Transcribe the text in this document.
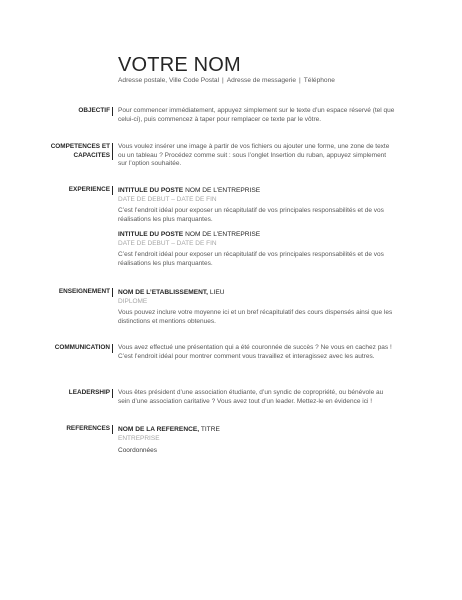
VOTRE NOM
Adresse postale, Ville Code Postal | Adresse de messagerie | Téléphone
OBJECTIF Pour commencer immédiatement, appuyez simplement sur le texte d’un espace réservé (tel que celui-ci), puis commencez à taper pour remplacer ce texte par le vôtre.

COMPETENCES ET
CAPACITES

Vous voulez insérer une image à partir de vos fichiers ou ajouter une forme, une zone de texte ou un tableau ? Procédez comme suit : sous l’onglet Insertion du ruban, appuyez simplement sur l’option souhaitée.

EXPERIENCE INTITULE DU POSTE NOM DE L’ENTREPRISE

DATE DE DEBUT – DATE DE FIN

C’est l’endroit idéal pour exposer un récapitulatif de vos principales responsabilités et de vos réalisations les plus marquantes.

INTITULE DU POSTE NOM DE L’ENTREPRISE

DATE DE DEBUT – DATE DE FIN

C’est l’endroit idéal pour exposer un récapitulatif de vos principales responsabilités et de vos réalisations les plus marquantes.

ENSEIGNEMENT NOM DE L’ETABLISSEMENT, LIEU

DIPLOME

Vous pouvez inclure votre moyenne ici et un bref récapitulatif des cours dispensés ainsi que les distinctions et mentions obtenues.

COMMUNICATION Vous avez effectué une présentation qui a été couronnée de succès ? Ne vous en cachez pas ! C’est l’endroit idéal pour montrer comment vous travaillez et interagissez avec les autres.

LEADERSHIP Vous êtes président d’une association étudiante, d’un syndic de copropriété, ou bénévole au sein d’une association caritative ? Vous avez tout d’un leader. Mettez-le en évidence ici !

REFERENCES NOM DE LA REFERENCE, TITRE

ENTREPRISE

Coordonnées
